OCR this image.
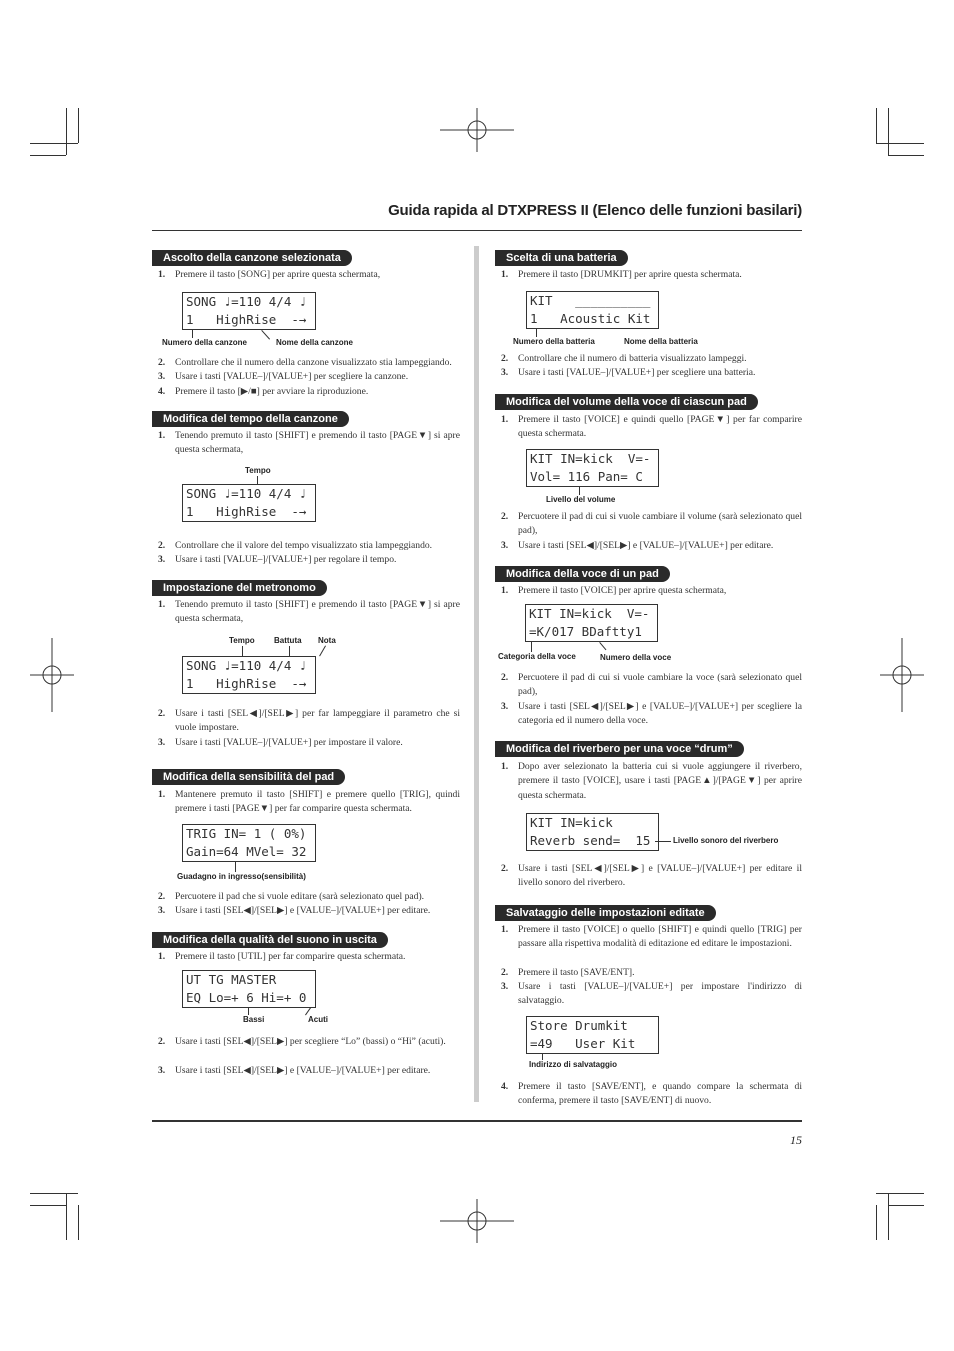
Guida rapida al DTXPRESS II (Elenco delle funzioni basilari)
15
Ascolto della canzone selezionata
1.	Premere il tasto [SONG] per aprire questa schermata,
SONG ♩=110 4/4 ♩
1   HighRise  -→
Numero della canzone	Nome della canzone
2.	Controllare che il numero della canzone visualizzato stia lampeggiando.
3.	Usare i tasti [VALUE–]/[VALUE+] per scegliere la canzone.
4.	Premere il tasto [▶/■] per avviare la riproduzione.
Modifica del tempo della canzone
1.	Tenendo premuto il tasto [SHIFT] e premendo il tasto [PAGE▼] si apre questa schermata,
Tempo
SONG ♩=110 4/4 ♩
1   HighRise  -→
2.	Controllare che il valore del tempo visualizzato stia lampeggiando.
3.	Usare i tasti [VALUE–]/[VALUE+] per regolare il tempo.
Impostazione del metronomo
1.	Tenendo premuto il tasto [SHIFT] e premendo il tasto [PAGE▼] si apre questa schermata,
Tempo Battuta Nota
SONG ♩=110 4/4 ♩
1   HighRise  -→
2.	Usare i tasti [SEL◀]/[SEL▶] per far lampeggiare il parametro che si vuole impostare.
3.	Usare i tasti [VALUE–]/[VALUE+] per impostare il valore.
Modifica della sensibilità del pad
1.	Mantenere premuto il tasto [SHIFT] e premere quello [TRIG], quindi premere i tasti [PAGE▼] per far comparire questa schermata.
TRIG IN= 1 ( 0%)
Gain=64 MVel= 32
Guadagno in ingresso(sensibilità)
2.	Percuotere il pad che si vuole editare (sarà selezionato quel pad).
3.	Usare i tasti [SEL◀]/[SEL▶] e [VALUE–]/[VALUE+] per editare.
Modifica della qualità del suono in uscita
1.	Premere il tasto [UTIL] per far comparire questa schermata.
UT TG MASTER
EQ Lo=+ 6 Hi=+ 0
Bassi	Acuti
2.	Usare i tasti [SEL◀]/[SEL▶] per scegliere “Lo” (bassi) o “Hi” (acuti).
3.	Usare i tasti [SEL◀]/[SEL▶] e [VALUE–]/[VALUE+] per editare.
Scelta di una batteria
1.	Premere il tasto [DRUMKIT] per aprire questa schermata.
KIT   __________
1   Acoustic Kit
Numero della batteria	Nome della batteria
2.	Controllare che il numero di batteria visualizzato lampeggi.
3.	Usare i tasti [VALUE–]/[VALUE+] per scegliere una batteria.
Modifica del volume della voce di ciascun pad
1.	Premere il tasto [VOICE] e quindi quello [PAGE▼] per far comparire questa schermata.
KIT IN=kick  V=-
Vol= 116 Pan= C
Livello del volume
2.	Percuotere il pad di cui si vuole cambiare il volume (sarà selezionato quel pad),
3.	Usare i tasti [SEL◀]/[SEL▶] e [VALUE–]/[VALUE+] per editare.
Modifica della voce di un pad
1.	Premere il tasto [VOICE] per aprire questa schermata,
KIT IN=kick  V=-
=K/017 BDaftty1
Categoria della voce	Numero della voce
2.	Percuotere il pad di cui si vuole cambiare la voce (sarà selezionato quel pad),
3.	Usare i tasti [SEL◀]/[SEL▶] e [VALUE–]/[VALUE+] per scegliere la categoria ed il numero della voce.
Modifica del riverbero per una voce “drum”
1.	Dopo aver selezionato la batteria cui si vuole aggiungere il riverbero, premere il tasto [VOICE], usare i tasti [PAGE▲]/[PAGE▼] per aprire questa schermata.
KIT IN=kick
Reverb send=  15	Livello sonoro del riverbero
2.	Usare i tasti [SEL◀]/[SEL▶] e [VALUE–]/[VALUE+] per editare il livello sonoro del riverbero.
Salvataggio delle impostazioni editate
1.	Premere il tasto [VOICE] o quello [SHIFT] e quindi quello [TRIG] per passare alla rispettiva modalità di editazione ed editare le impostazioni.
2.	Premere il tasto [SAVE/ENT].
3.	Usare i tasti [VALUE–]/[VALUE+] per impostare l'indirizzo di salvataggio.
Store Drumkit
=49   User Kit
Indirizzo di salvataggio
4.	Premere il tasto [SAVE/ENT], e quando compare la schermata di conferma, premere il tasto [SAVE/ENT] di nuovo.
